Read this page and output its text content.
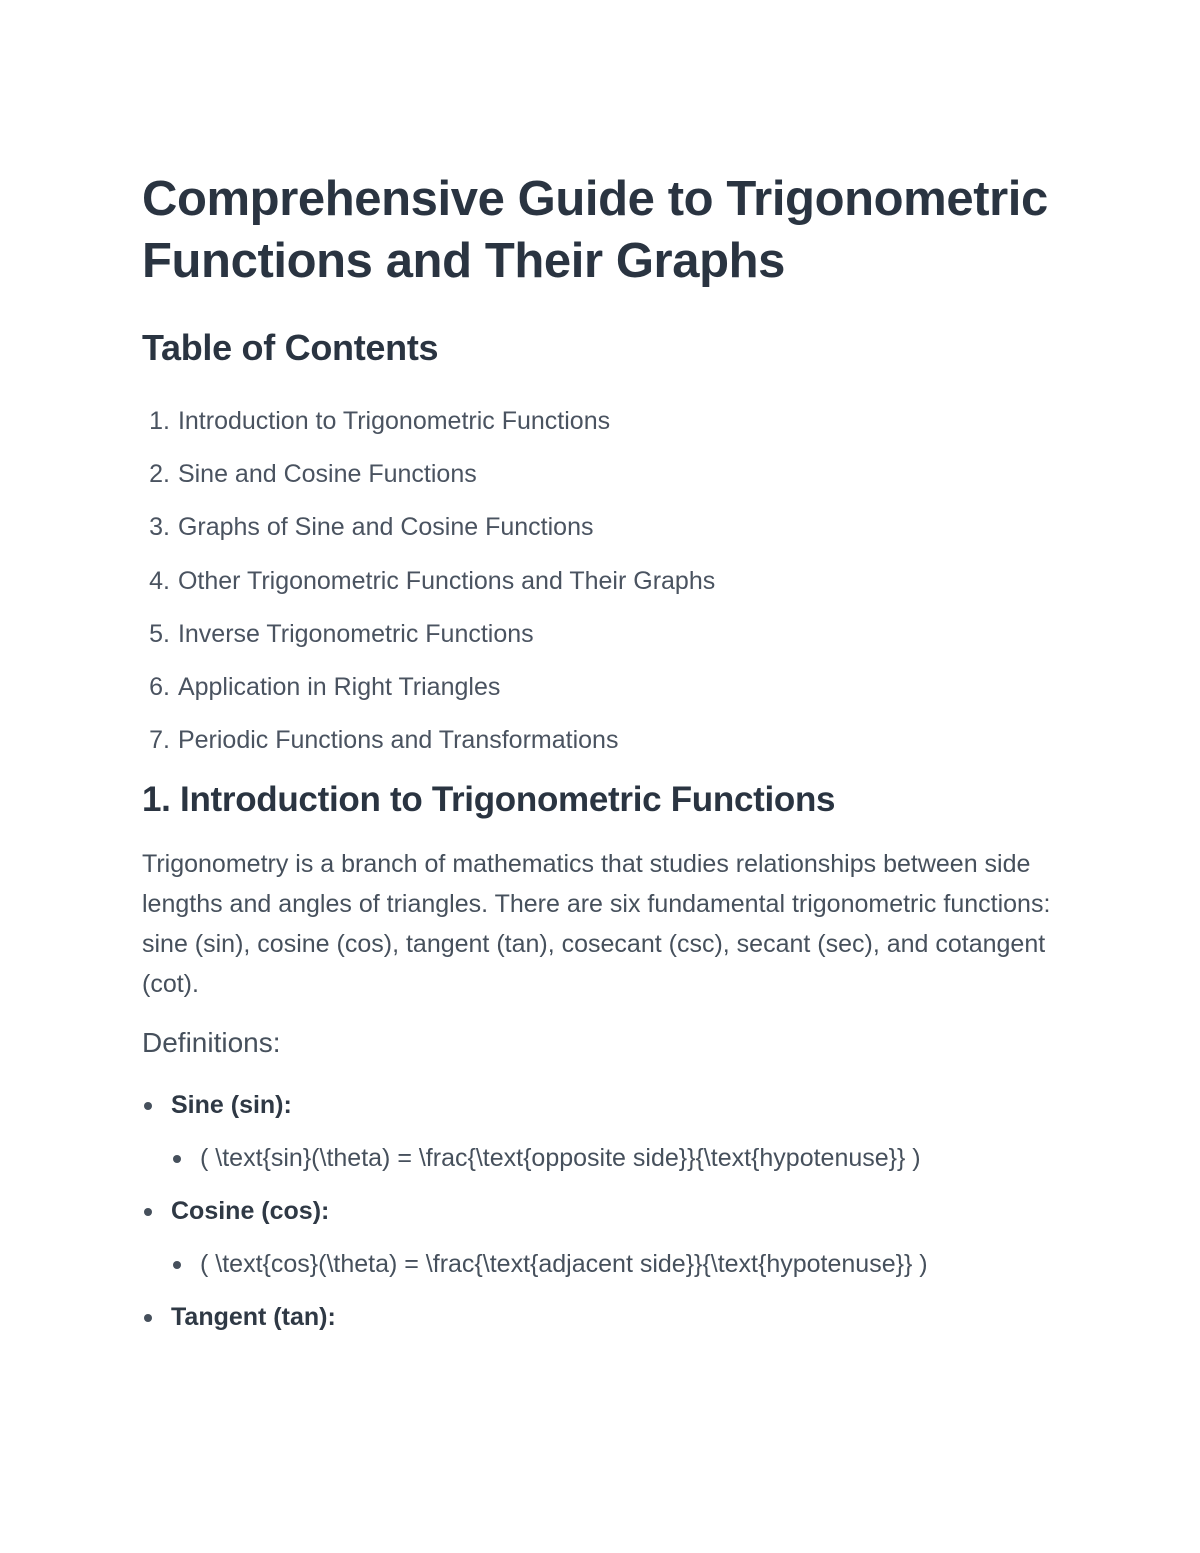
Comprehensive Guide to Trigonometric Functions and Their Graphs
Table of Contents
1.
Introduction to Trigonometric Functions
2.
Sine and Cosine Functions
3.
Graphs of Sine and Cosine Functions
4.
Other Trigonometric Functions and Their Graphs
5.
Inverse Trigonometric Functions
6.
Application in Right Triangles
7.
Periodic Functions and Transformations
1. Introduction to Trigonometric Functions

Trigonometry is a branch of mathematics that studies relationships between side lengths and angles of triangles. There are six fundamental trigonometric functions: sine (sin), cosine (cos), tangent (tan), cosecant (csc), secant (sec), and cotangent (cot).

Definitions:
Sine (sin):
( \text{sin}(\theta) = \frac{\text{opposite side}}{\text{hypotenuse}} )
Cosine (cos):
( \text{cos}(\theta) = \frac{\text{adjacent side}}{\text{hypotenuse}} )
Tangent (tan):
